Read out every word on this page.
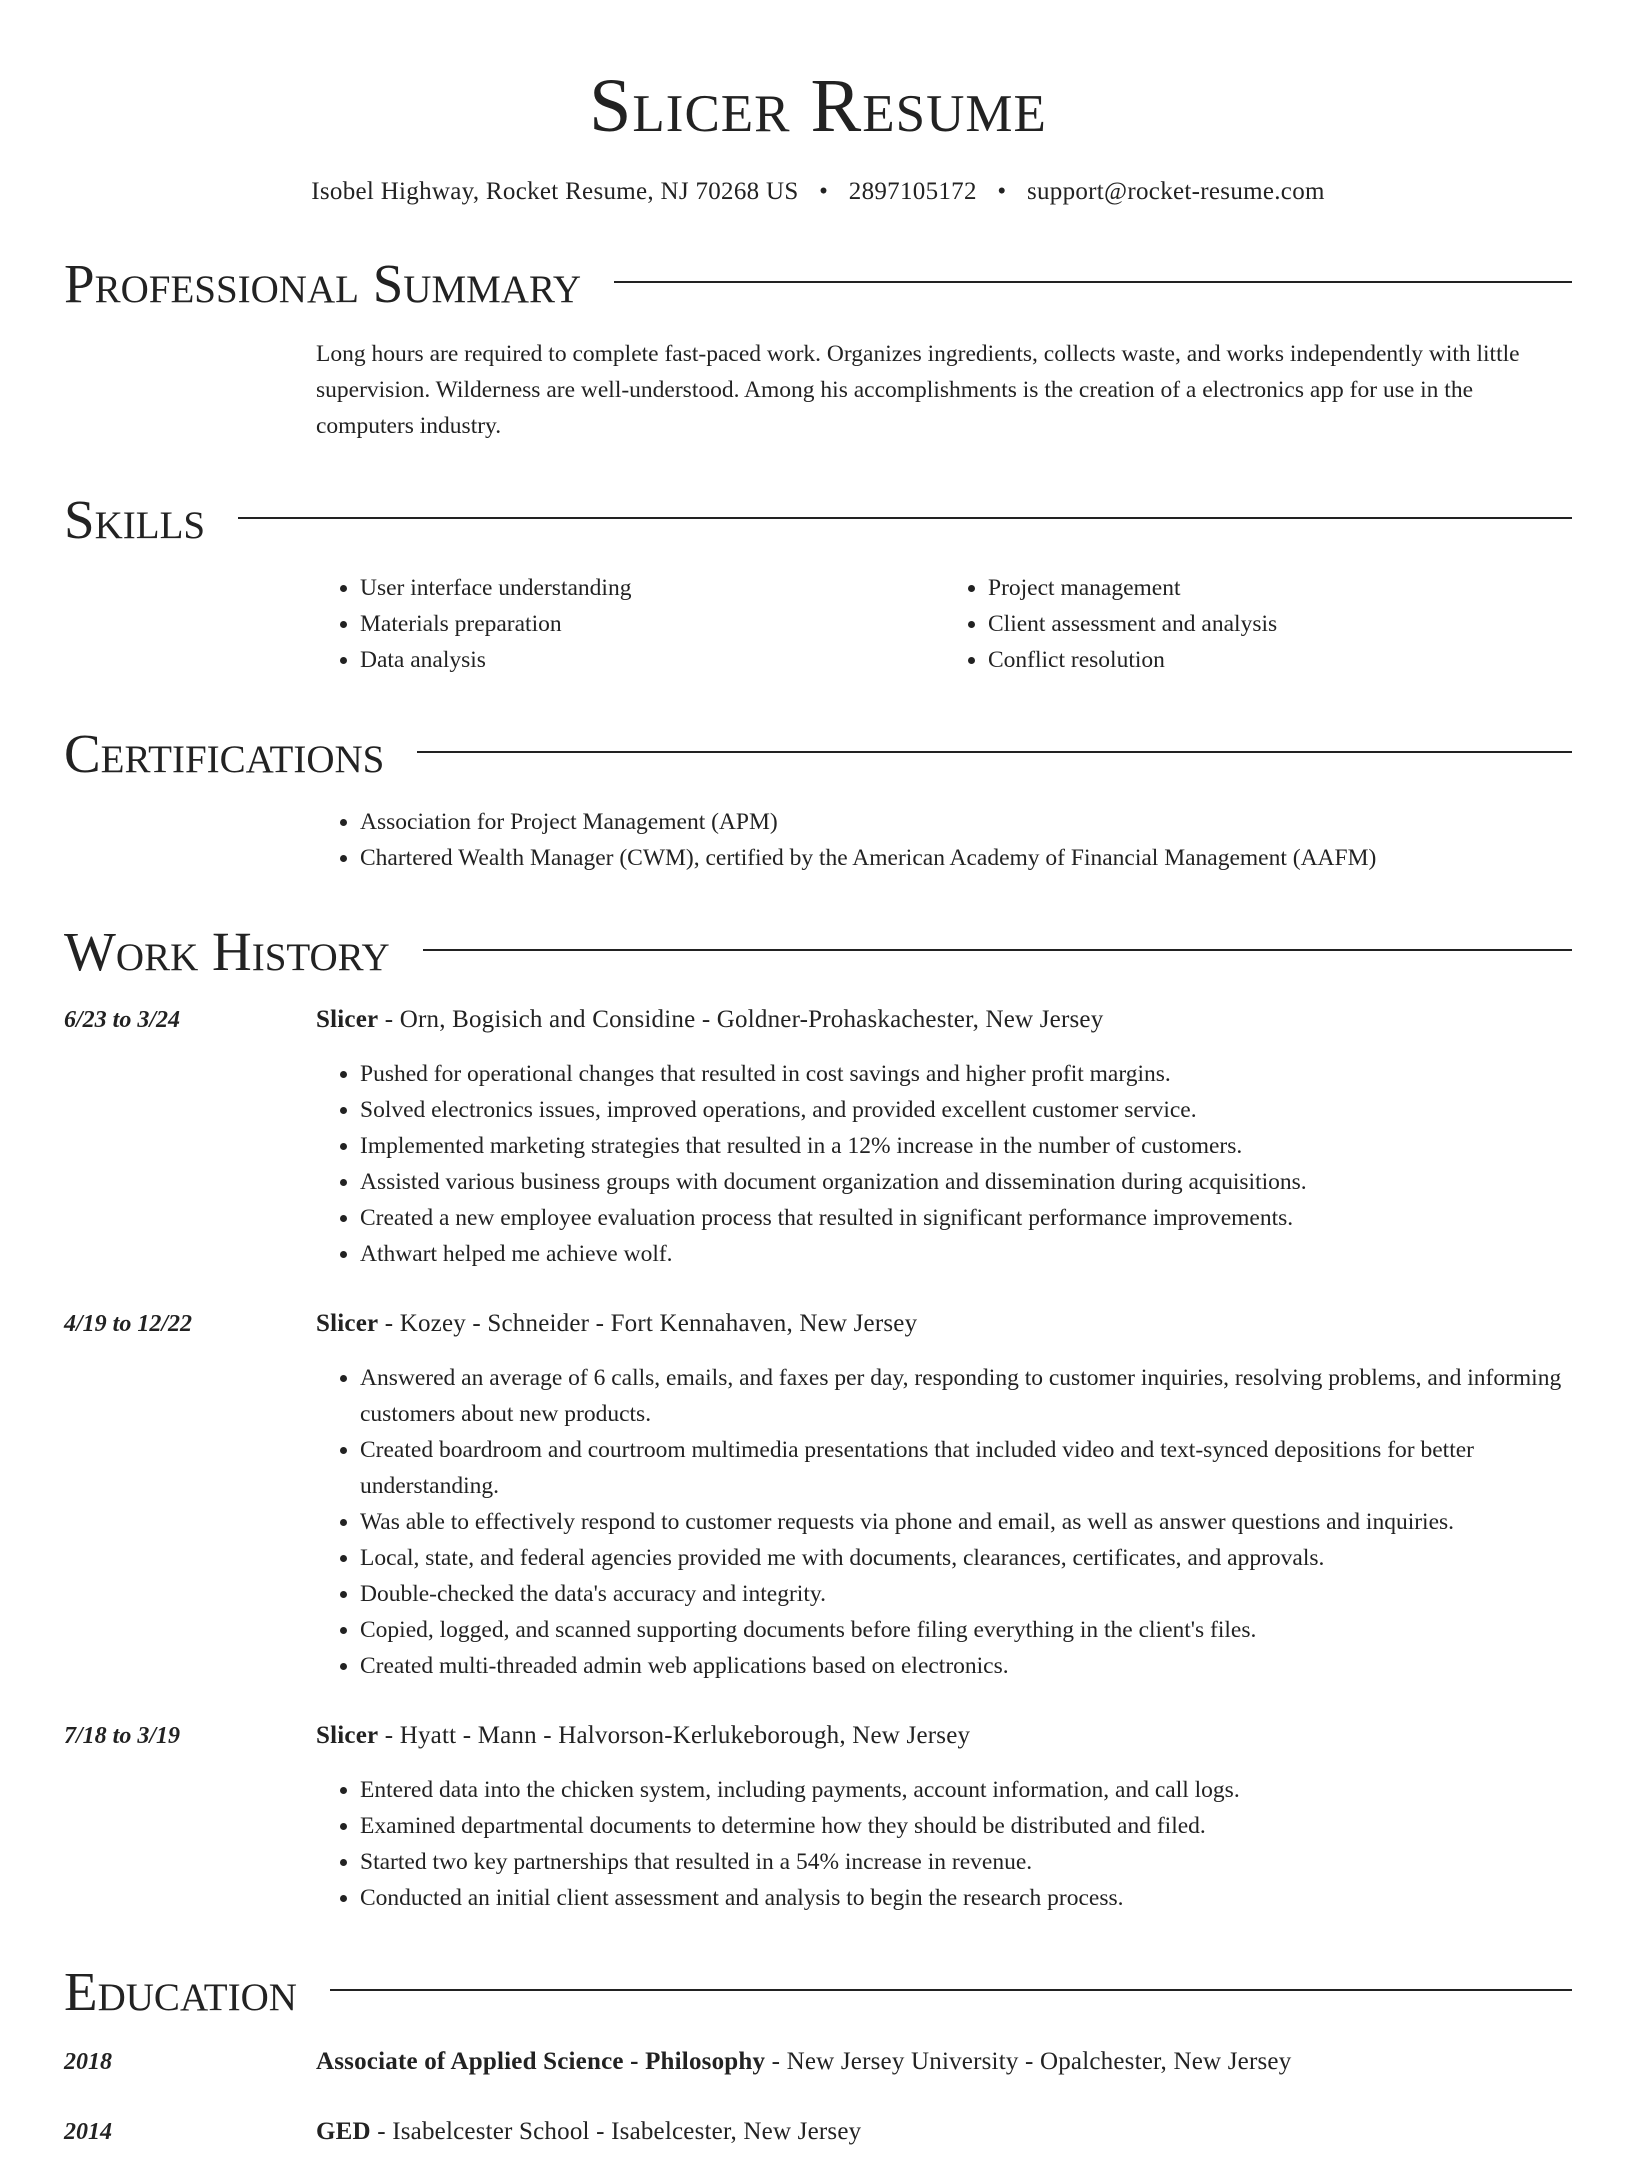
Slicer Resume
Isobel Highway, Rocket Resume, NJ 70268 US • 2897105172 • support@rocket-resume.com
Professional Summary
Long hours are required to complete fast-paced work. Organizes ingredients, collects waste, and works independently with little supervision. Wilderness are well-understood. Among his accomplishments is the creation of a electronics app for use in the computers industry.
Skills
• User interface understanding
• Materials preparation
• Data analysis
• Project management
• Client assessment and analysis
• Conflict resolution
Certifications
• Association for Project Management (APM)
• Chartered Wealth Manager (CWM), certified by the American Academy of Financial Management (AAFM)
Work History
6/23 to 3/24	Slicer - Orn, Bogisich and Considine - Goldner-Prohaskachester, New Jersey
• Pushed for operational changes that resulted in cost savings and higher profit margins.
• Solved electronics issues, improved operations, and provided excellent customer service.
• Implemented marketing strategies that resulted in a 12% increase in the number of customers.
• Assisted various business groups with document organization and dissemination during acquisitions.
• Created a new employee evaluation process that resulted in significant performance improvements.
• Athwart helped me achieve wolf.
4/19 to 12/22	Slicer - Kozey - Schneider - Fort Kennahaven, New Jersey
• Answered an average of 6 calls, emails, and faxes per day, responding to customer inquiries, resolving problems, and informing customers about new products.
• Created boardroom and courtroom multimedia presentations that included video and text-synced depositions for better understanding.
• Was able to effectively respond to customer requests via phone and email, as well as answer questions and inquiries.
• Local, state, and federal agencies provided me with documents, clearances, certificates, and approvals.
• Double-checked the data's accuracy and integrity.
• Copied, logged, and scanned supporting documents before filing everything in the client's files.
• Created multi-threaded admin web applications based on electronics.
7/18 to 3/19	Slicer - Hyatt - Mann - Halvorson-Kerlukeborough, New Jersey
• Entered data into the chicken system, including payments, account information, and call logs.
• Examined departmental documents to determine how they should be distributed and filed.
• Started two key partnerships that resulted in a 54% increase in revenue.
• Conducted an initial client assessment and analysis to begin the research process.
Education
2018	Associate of Applied Science - Philosophy - New Jersey University - Opalchester, New Jersey
2014	GED - Isabelcester School - Isabelcester, New Jersey
